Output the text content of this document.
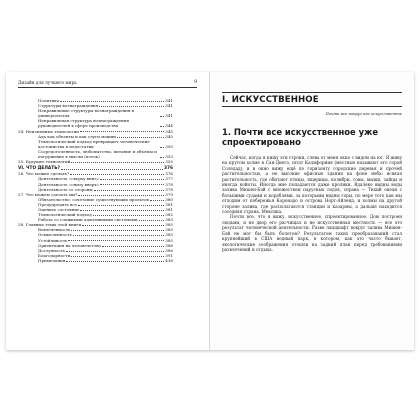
Дизайн для лучшего мира	9
Политика	341
Структуры вознаграждения	341
Неправильные структуры вознаграждения в университетах	341
Неправильная структура вознаграждения руководителей в сфере производства	344
24. Неизменные технологии	345
Ада как объекты и как слуги машин	345
Технологический подход превращает человеческие достоинства в недостатки	350
Сосредоточенность, любопытство, питание и объемы и погружение в мысли (поток)	353
25. Будущее технологий	355
VI. ЧТО ДЕЛАТЬ?	376
26. Что можно сделать?	376
Деятельность «сверху вниз»	377
Деятельность «снизу вверх»	378
Деятельность со стороны	378
27. Что можем сделать мы?	379
Обязательство: сочетание существующих проектов	380
Предупредить все	381
Оценить состояние	381
Технологический подход	382
Работа со сложными адаптивными системами	383
28. Главные темы этой книги	385
Вовлеченность	385
Осмысленность	385
Устойчивость	385
Ориентация на человечество	386
Доступность	386
Благодарности	391
Примечания	416
I. ИСКУССТВЕННОЕ
Почти все вокруг нас искусственное
1. Почти все искусственное уже спроектировано

Сейчас, когда я пишу эти строки, слева от меня окно с видом на юг. Я живу на крутом холме в Сан-Диего, штат Калифорния (местные называют его горой Соледад), и в окно вижу ещё по горизонту городские деревья и прочей растительностью, а не высокие офисные здания на фоне неба: всякая растительность, где обитают птицы, ящерицы, колибри, совы, мыши, зайцы и иногда койоты. Иногда мне попадаются даже кролики. Вдалеке видны воды залива Мишен-Бэй с множеством парусных лодок, справа — Тихий океан с большими судами и кораблями, за которыми видны горы, по мере того как мы отходим от побережья Коронадо и острова Норт-Айленд, и холмы на другой стороне залива, где располагаются станции и казармы, а дальше находится соседняя страна, Мексика.

Почти все, что я вижу, искусственное, спроектированное. Дом построен людьми, и не двор его расчищал и не искусственная местность — все это результат человеческой деятельности. Разве ландшафт вокруг залива Мишен-Бэй не мог бы быть болотом? Результатом таких преобразований стал крупнейший в США водный парк, в котором, как это часто бывает, экологические соображения отошли на задний план перед требованиями развлечений и отдыха.
